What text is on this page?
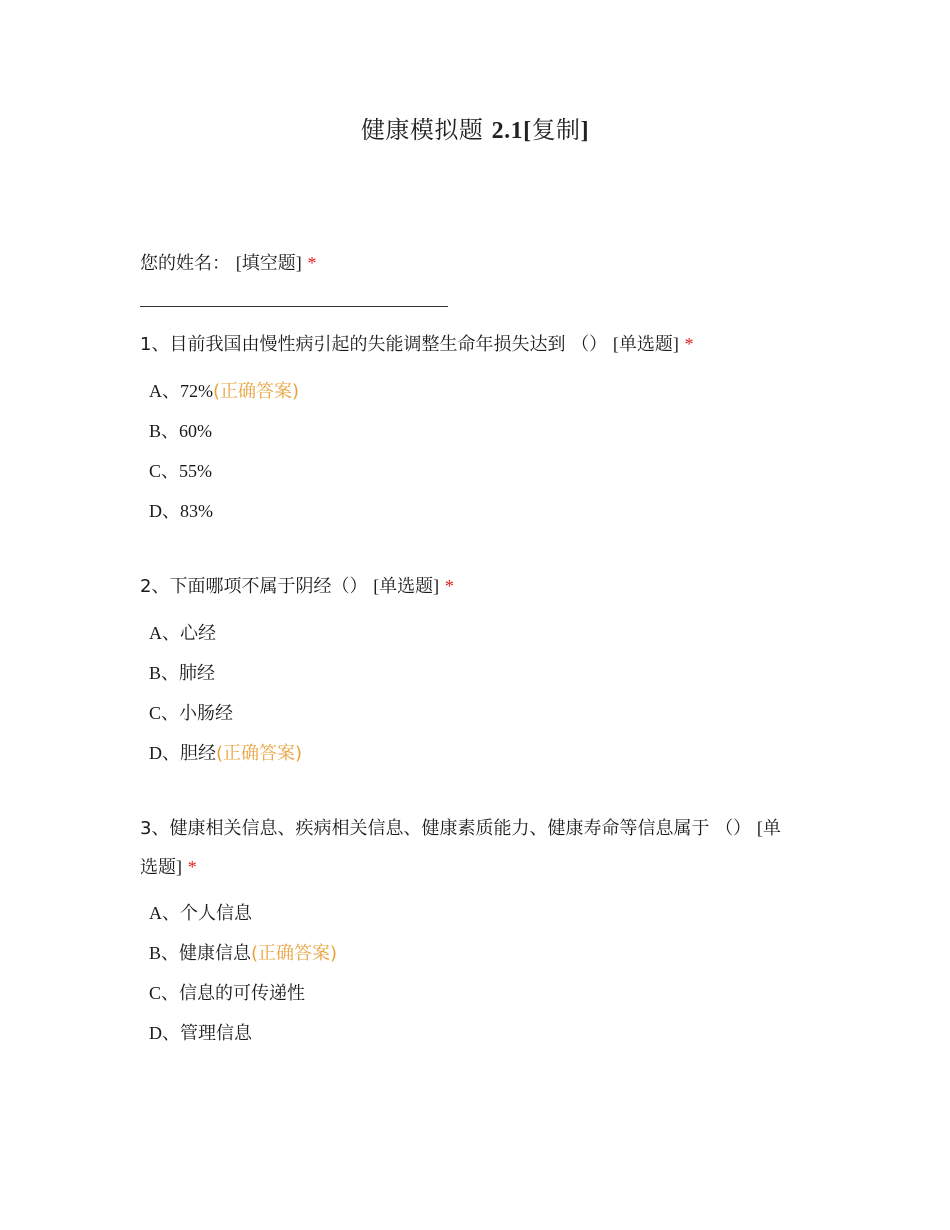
健康模拟题 2.1[复制]
您的姓名： [填空题] *
1、目前我国由慢性病引起的失能调整生命年损失达到 （） [单选题] *
A、72%(正确答案)
B、60%
C、55%
D、83%
2、下面哪项不属于阴经（） [单选题] *
A、心经
B、肺经
C、小肠经
D、胆经(正确答案)
3、健康相关信息、疾病相关信息、健康素质能力、健康寿命等信息属于 （） [单
选题] *
A、个人信息
B、健康信息(正确答案)
C、信息的可传递性
D、管理信息
